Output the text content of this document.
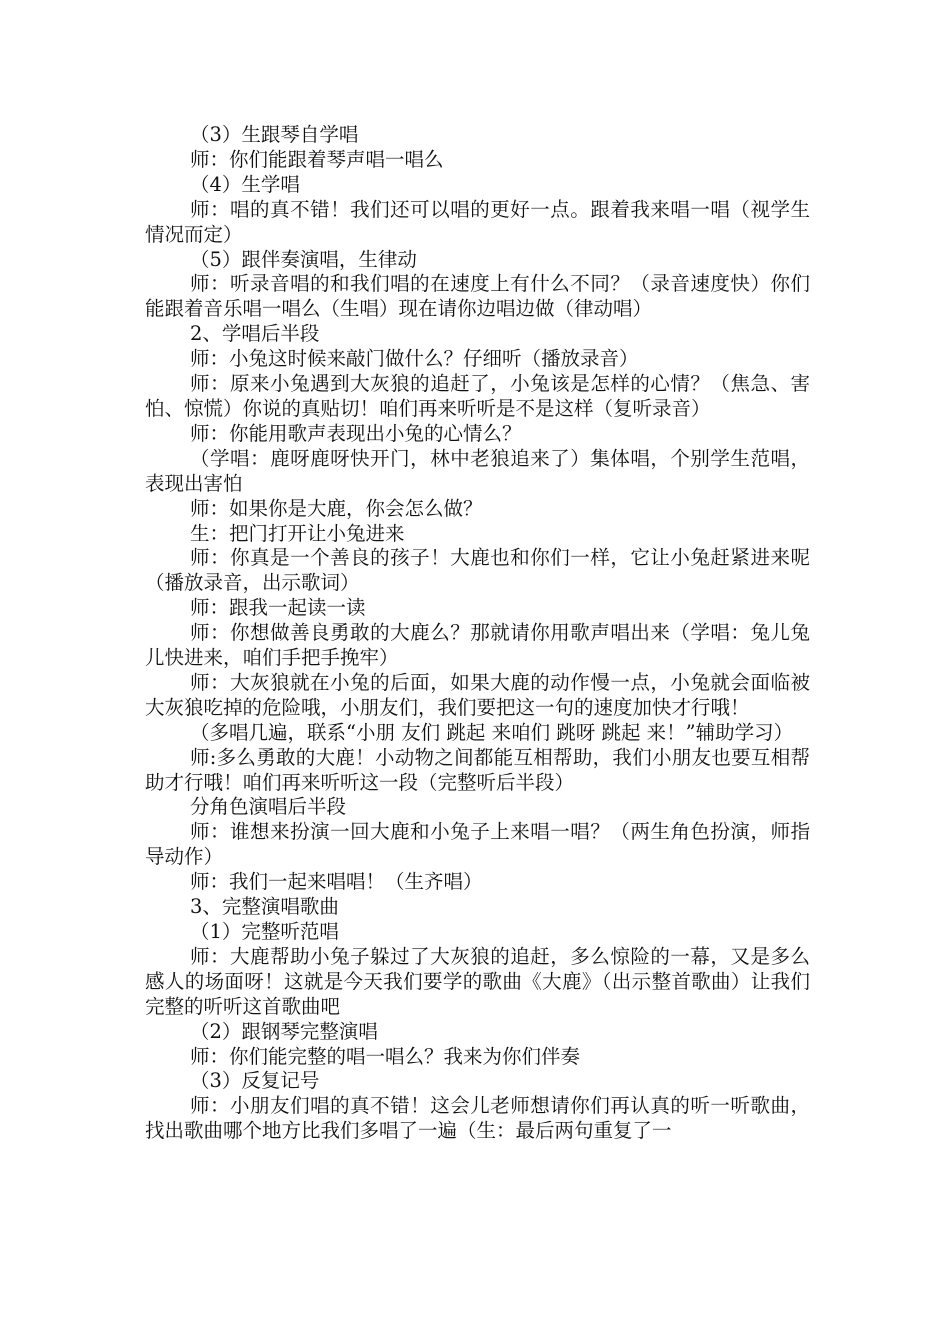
（3）生跟琴自学唱

师：你们能跟着琴声唱一唱么

（4）生学唱

师：唱的真不错！我们还可以唱的更好一点。跟着我来唱一唱（视学生情况而定）

（5）跟伴奏演唱，生律动

师：听录音唱的和我们唱的在速度上有什么不同？（录音速度快）你们能跟着音乐唱一唱么（生唱）现在请你边唱边做（律动唱）

2、学唱后半段

师：小兔这时候来敲门做什么？仔细听（播放录音）

师：原来小兔遇到大灰狼的追赶了，小兔该是怎样的心情？（焦急、害怕、惊慌）你说的真贴切！咱们再来听听是不是这样（复听录音）

师：你能用歌声表现出小兔的心情么？

（学唱：鹿呀鹿呀快开门，林中老狼追来了）集体唱，个别学生范唱，表现出害怕

师：如果你是大鹿，你会怎么做？

生：把门打开让小兔进来

师：你真是一个善良的孩子！大鹿也和你们一样，它让小兔赶紧进来呢（播放录音，出示歌词）

师：跟我一起读一读

师：你想做善良勇敢的大鹿么？那就请你用歌声唱出来（学唱：兔儿兔儿快进来，咱们手把手挽牢）

师：大灰狼就在小兔的后面，如果大鹿的动作慢一点，小兔就会面临被大灰狼吃掉的危险哦，小朋友们，我们要把这一句的速度加快才行哦！

（多唱几遍，联系“小朋 友们 跳起 来咱们 跳呀 跳起 来！”辅助学习）

师:多么勇敢的大鹿！小动物之间都能互相帮助，我们小朋友也要互相帮助才行哦！咱们再来听听这一段（完整听后半段）

分角色演唱后半段

师：谁想来扮演一回大鹿和小兔子上来唱一唱？（两生角色扮演，师指导动作）

师：我们一起来唱唱！（生齐唱）

3、完整演唱歌曲

（1）完整听范唱

师：大鹿帮助小兔子躲过了大灰狼的追赶，多么惊险的一幕，又是多么感人的场面呀！这就是今天我们要学的歌曲《大鹿》（出示整首歌曲）让我们完整的听听这首歌曲吧

（2）跟钢琴完整演唱

师：你们能完整的唱一唱么？我来为你们伴奏

（3）反复记号

师：小朋友们唱的真不错！这会儿老师想请你们再认真的听一听歌曲，找出歌曲哪个地方比我们多唱了一遍（生：最后两句重复了一
